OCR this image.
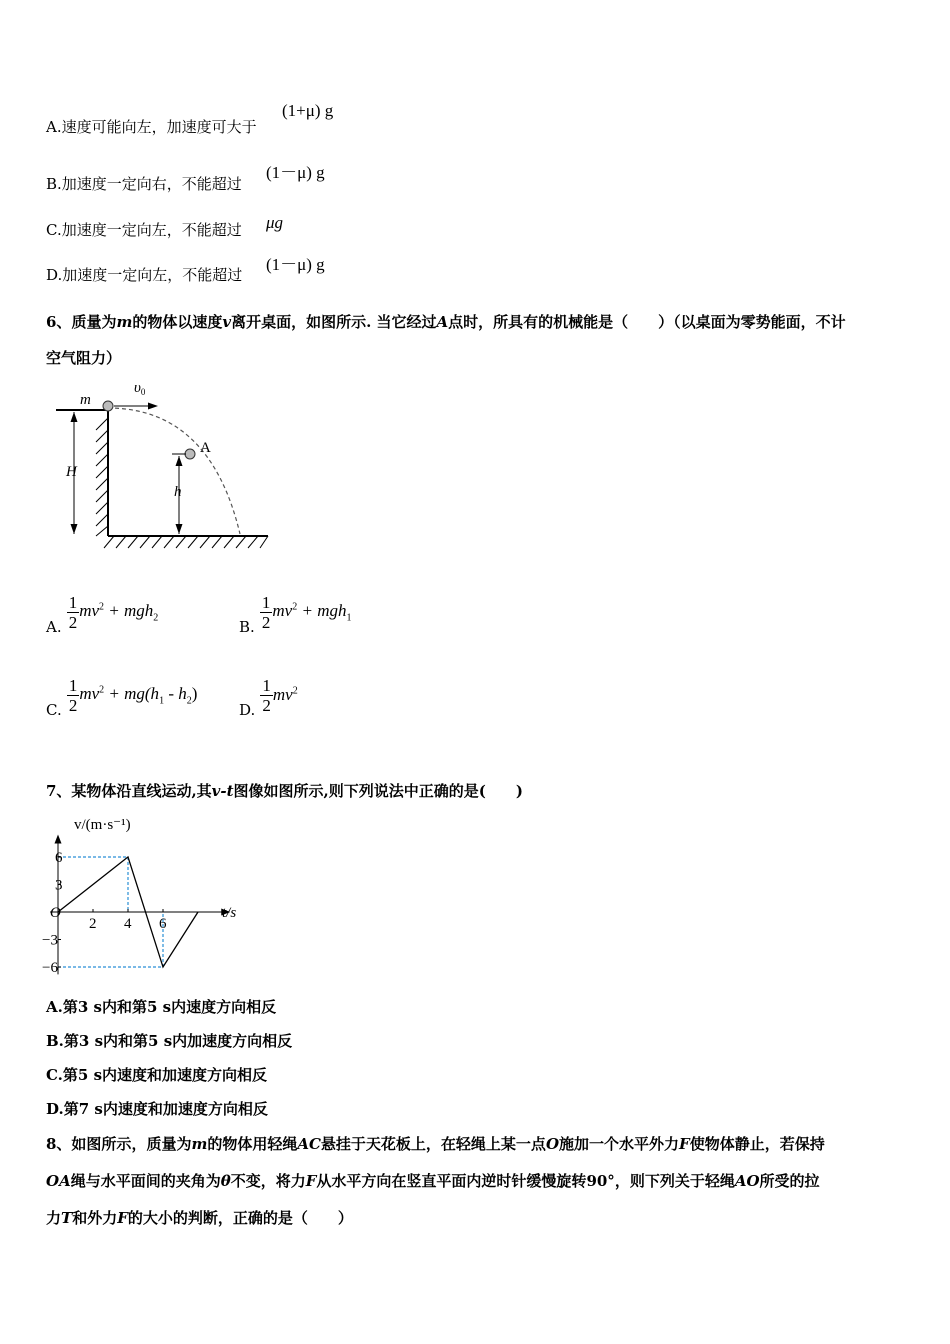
A.速度可能向左，加速度可大于
(1+μ) g
B.加速度一定向右，不能超过
(1－μ) g
C.加速度一定向左，不能超过 μg
D.加速度一定向左，不能超过
(1－μ) g
6、质量为m的物体以速度v离开桌面，如图所示. 当它经过A点时，所具有的机械能是（　　）（以桌面为零势能面，不计
空气阻力）
H
m
$\upsilon_0$
A
h
A. $\frac{1}{2} mv^2 + mgh_2$
B. $\frac{1}{2} mv^2 + mgh_1$
C. $\frac{1}{2} mv^2 + mg(h_1 - h_2)$
D. $\frac{1}{2} mv^2$
7、某物体沿直线运动,其v-t图像如图所示,则下列说法中正确的是(　　)
2 4 6
6
3
−3
−6
v/(m·s⁻¹)
t/s
O
A.第3 s内和第5 s内速度方向相反
B.第3 s内和第5 s内加速度方向相反
C.第5 s内速度和加速度方向相反
D.第7 s内速度和加速度方向相反
8、如图所示，质量为m的物体用轻绳AC悬挂于天花板上，在轻绳上某一点O施加一个水平外力F使物体静止，若保持
OA绳与水平面间的夹角为θ不变，将力F从水平方向在竖直平面内逆时针缓慢旋转90°，则下列关于轻绳AO所受的拉
力T和外力F的大小的判断，正确的是（　　）
